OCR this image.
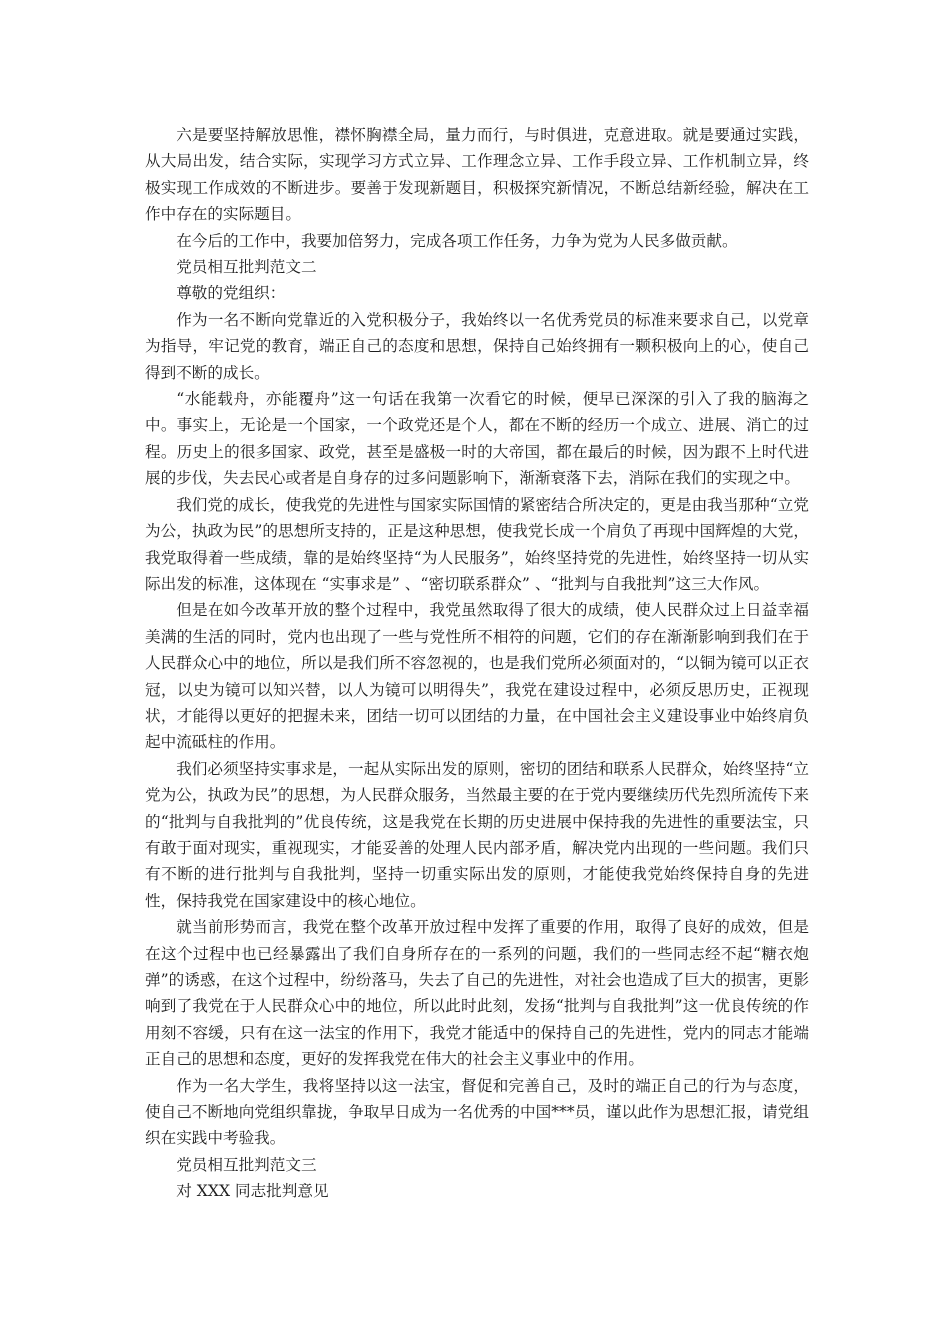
六是要坚持解放思惟，襟怀胸襟全局，量力而行，与时俱进，克意进取。就是要通过实践，从大局出发，结合实际，实现学习方式立异、工作理念立异、工作手段立异、工作机制立异，终极实现工作成效的不断进步。要善于发现新题目，积极探究新情况，不断总结新经验，解决在工作中存在的实际题目。

在今后的工作中，我要加倍努力，完成各项工作任务，力争为党为人民多做贡献。

党员相互批判范文二

尊敬的党组织：

作为一名不断向党靠近的入党积极分子，我始终以一名优秀党员的标准来要求自己，以党章为指导，牢记党的教育，端正自己的态度和思想，保持自己始终拥有一颗积极向上的心，使自己得到不断的成长。

“水能载舟，亦能覆舟”这一句话在我第一次看它的时候，便早已深深的引入了我的脑海之中。事实上，无论是一个国家，一个政党还是个人，都在不断的经历一个成立、进展、消亡的过程。历史上的很多国家、政党，甚至是盛极一时的大帝国，都在最后的时候，因为跟不上时代进展的步伐，失去民心或者是自身存的过多问题影响下，渐渐衰落下去，消际在我们的实现之中。

我们党的成长，使我党的先进性与国家实际国情的紧密结合所决定的，更是由我当那种“立党为公，执政为民”的思想所支持的，正是这种思想，使我党长成一个肩负了再现中国辉煌的大党，我党取得着一些成绩，靠的是始终坚持“为人民服务”，始终坚持党的先进性，始终坚持一切从实际出发的标准，这体现在 “实事求是” 、“密切联系群众” 、“批判与自我批判”这三大作风。

但是在如今改革开放的整个过程中，我党虽然取得了很大的成绩，使人民群众过上日益幸福美满的生活的同时，党内也出现了一些与党性所不相符的问题，它们的存在渐渐影响到我们在于人民群众心中的地位，所以是我们所不容忽视的，也是我们党所必须面对的，“以铜为镜可以正衣冠，以史为镜可以知兴替，以人为镜可以明得失”，我党在建设过程中，必须反思历史，正视现状，才能得以更好的把握未来，团结一切可以团结的力量，在中国社会主义建设事业中始终肩负起中流砥柱的作用。

我们必须坚持实事求是，一起从实际出发的原则，密切的团结和联系人民群众，始终坚持“立党为公，执政为民”的思想，为人民群众服务，当然最主要的在于党内要继续历代先烈所流传下来的“批判与自我批判的”优良传统，这是我党在长期的历史进展中保持我的先进性的重要法宝，只有敢于面对现实，重视现实，才能妥善的处理人民内部矛盾，解决党内出现的一些问题。我们只有不断的进行批判与自我批判，坚持一切重实际出发的原则，才能使我党始终保持自身的先进性，保持我党在国家建设中的核心地位。

就当前形势而言，我党在整个改革开放过程中发挥了重要的作用，取得了良好的成效，但是在这个过程中也已经暴露出了我们自身所存在的一系列的问题，我们的一些同志经不起“糖衣炮弹”的诱惑，在这个过程中，纷纷落马，失去了自己的先进性，对社会也造成了巨大的损害，更影响到了我党在于人民群众心中的地位，所以此时此刻，发扬“批判与自我批判”这一优良传统的作用刻不容缓，只有在这一法宝的作用下，我党才能适中的保持自己的先进性，党内的同志才能端正自己的思想和态度，更好的发挥我党在伟大的社会主义事业中的作用。

作为一名大学生，我将坚持以这一法宝，督促和完善自己，及时的端正自己的行为与态度，使自己不断地向党组织靠拢，争取早日成为一名优秀的中国***员，谨以此作为思想汇报，请党组织在实践中考验我。

党员相互批判范文三

对 XXX 同志批判意见
